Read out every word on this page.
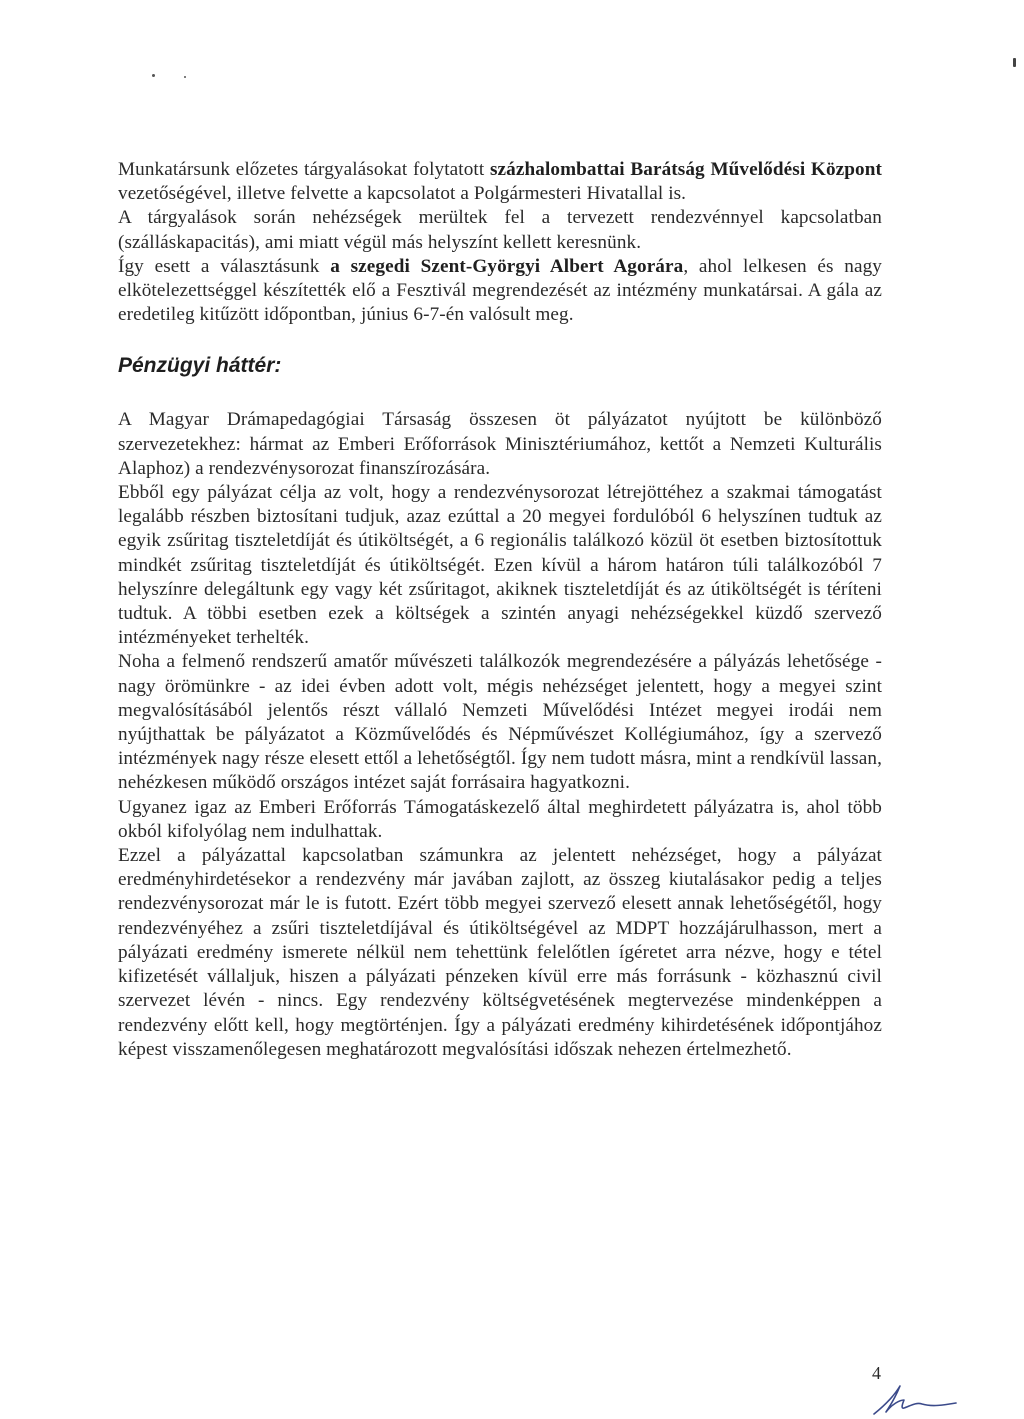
Munkatársunk előzetes tárgyalásokat folytatott százhalombattai Barátság Művelődési Központ vezetőségével, illetve felvette a kapcsolatot a Polgármesteri Hivatallal is.

A tárgyalások során nehézségek merültek fel a tervezett rendezvénnyel kapcsolatban (szálláskapacitás), ami miatt végül más helyszínt kellett keresnünk.

Így esett a választásunk a szegedi Szent-Györgyi Albert Agorára, ahol lelkesen és nagy elkötelezettséggel készítették elő a Fesztivál megrendezését az intézmény munkatársai. A gála az eredetileg kitűzött időpontban, június 6-7-én valósult meg.

Pénzügyi háttér:

A Magyar Drámapedagógiai Társaság összesen öt pályázatot nyújtott be különböző szervezetekhez: hármat az Emberi Erőforrások Minisztériumához, kettőt a Nemzeti Kulturális Alaphoz) a rendezvénysorozat finanszírozására.

Ebből egy pályázat célja az volt, hogy a rendezvénysorozat létrejöttéhez a szakmai támogatást legalább részben biztosítani tudjuk, azaz ezúttal a 20 megyei fordulóból 6 helyszínen tudtuk az egyik zsűritag tiszteletdíját és útiköltségét, a 6 regionális találkozó közül öt esetben biztosítottuk mindkét zsűritag tiszteletdíját és útiköltségét. Ezen kívül a három határon túli találkozóból 7 helyszínre delegáltunk egy vagy két zsűritagot, akiknek tiszteletdíját és az útiköltségét is téríteni tudtuk. A többi esetben ezek a költségek a szintén anyagi nehézségekkel küzdő szervező intézményeket terhelték.

Noha a felmenő rendszerű amatőr művészeti találkozók megrendezésére a pályázás lehetősége - nagy örömünkre - az idei évben adott volt, mégis nehézséget jelentett, hogy a megyei szint megvalósításából jelentős részt vállaló Nemzeti Művelődési Intézet megyei irodái nem nyújthattak be pályázatot a Közművelődés és Népművészet Kollégiumához, így a szervező intézmények nagy része elesett ettől a lehetőségtől. Így nem tudott másra, mint a rendkívül lassan, nehézkesen működő országos intézet saját forrásaira hagyatkozni.

Ugyanez igaz az Emberi Erőforrás Támogatáskezelő által meghirdetett pályázatra is, ahol több okból kifolyólag nem indulhattak.

Ezzel a pályázattal kapcsolatban számunkra az jelentett nehézséget, hogy a pályázat eredményhirdetésekor a rendezvény már javában zajlott, az összeg kiutalásakor pedig a teljes rendezvénysorozat már le is futott. Ezért több megyei szervező elesett annak lehetőségétől, hogy rendezvényéhez a zsűri tiszteletdíjával és útiköltségével az MDPT hozzájárulhasson, mert a pályázati eredmény ismerete nélkül nem tehettünk felelőtlen ígéretet arra nézve, hogy e tétel kifizetését vállaljuk, hiszen a pályázati pénzeken kívül erre más forrásunk - közhasznú civil szervezet lévén - nincs. Egy rendezvény költségvetésének megtervezése mindenképpen a rendezvény előtt kell, hogy megtörténjen. Így a pályázati eredmény kihirdetésének időpontjához képest visszamenőlegesen meghatározott megvalósítási időszak nehezen értelmezhető.

4
